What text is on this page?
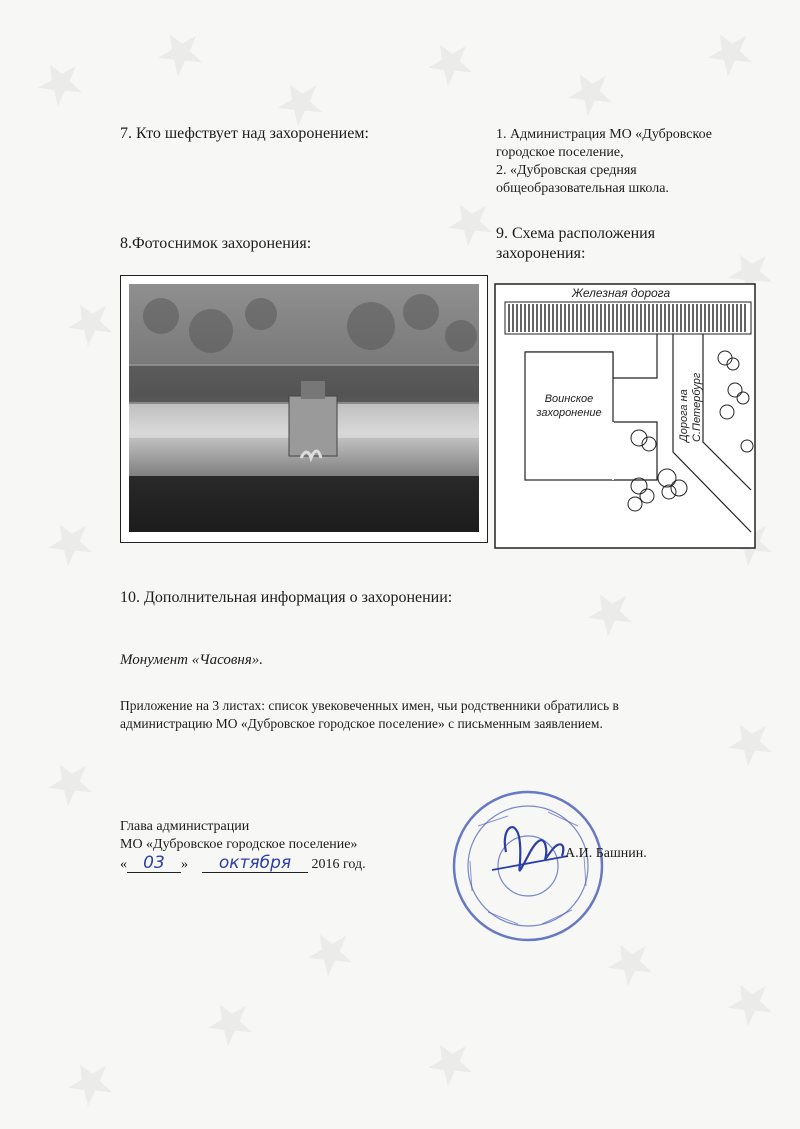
7. Кто шефствует над захоронением:	1. Администрация МО «Дубровское
городское поселение,
2. «Дубровская средняя
общеобразовательная школа.

8.Фотоснимок захоронения:

9. Схема расположения
захоронения:

Железная дорога
Воинское
захоронение	Дорога на С.Петербург

10. Дополнительная информация о захоронении:

Монумент «Часовня».

Приложение на 3 листах: список увековеченных имен, чьи родственники обратились в
администрацию МО «Дубровское городское поселение» с письменным заявлением.

Глава администрации
МО «Дубровское городское поселение»
« 03 » октября 2016 год.

А.И. Башнин.
